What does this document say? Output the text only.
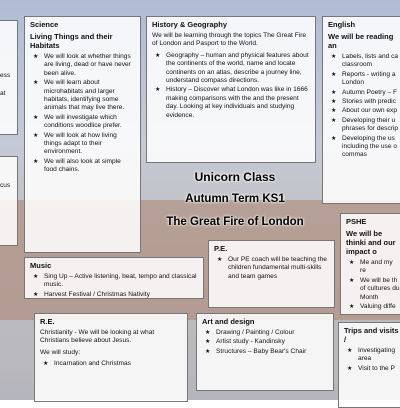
ess

at

cus

Science
Living Things and their Habitats
★ We will look at whether things are living, dead or have never been alive.
★ We will learn about microhabitats and larger habitats, identifying some animals that may live there.
★ We will investigate which conditions woodlice prefer.
★ We will look at how living things adapt to their environment.
★ We will also look at simple food chains.
History & Geography

We will be learning through the topics The Great Fire of London and Pasport to the World.

★ Geography – human and physical features about the continents of the world, name and locate continents on an atlas, describe a journey line, understand compass directions.
★ History – Discover what London was like in 1666 making comparisons with the and the present day. Looking at key individuals and studying evidence.
English
We will be reading an
★ Labels, lists and ca classroom
★ Reports - writing a London
★ Autumn Poetry – F
★ Stories with predic
★ About our own exp
★ Developing their u phrases for descrip
★ Developing the us including the use o commas
Unicorn Class
Autumn Term KS1
The Great Fire of London
P.E.
★ Our PE coach will be teaching the children fundamental multi-skills and team games
PSHE
We will be thinki and our impact o
★ Me and my re
★ We will be th of cultures du Month
★ Valuing diffe
Music
★ Sing Up – Active listening, beat, tempo and classical music.
★ Harvest Festival / Christmas Nativity
R.E.

Christianity - We will be looking at what Christians believe about Jesus.

We will study:

★ Incarnation and Christmas
Art and design
★ Drawing / Painting / Colour
★ Artist study - Kandinsky
★ Structures – Baby Bear's Chair
Trips and visits /
★ Investigating area
★ Visit to the P
